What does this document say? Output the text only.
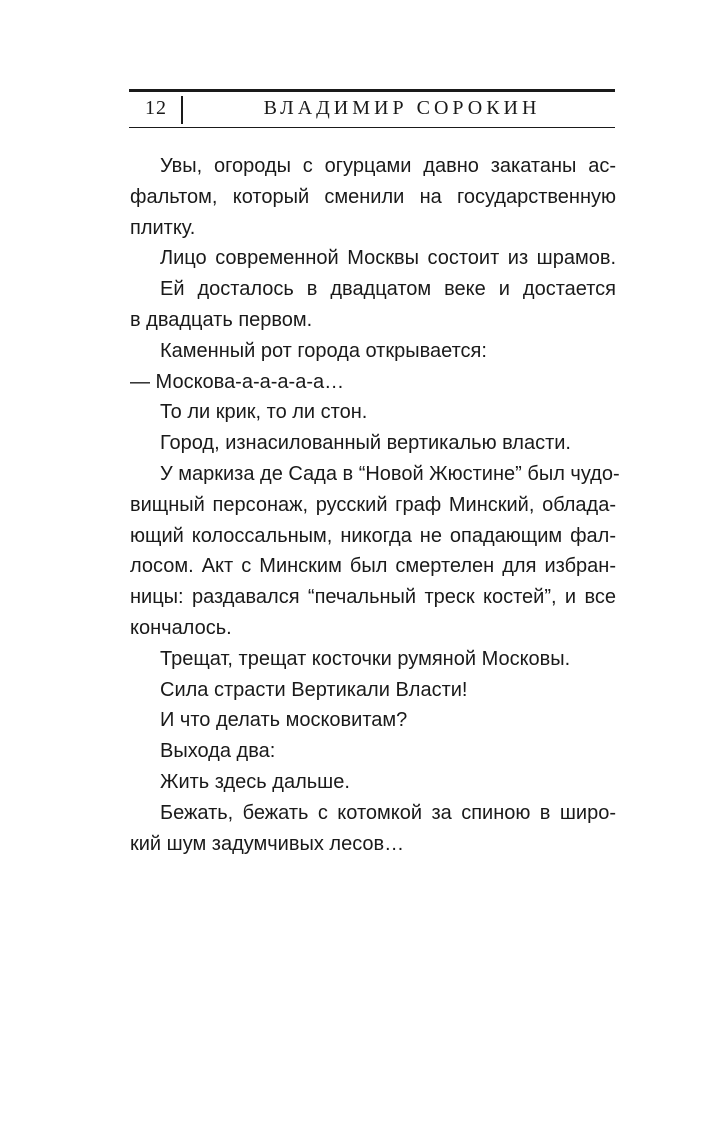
12	ВЛАДИМИР СОРОКИН
Увы, огороды с огурцами давно закатаны ас-
фальтом, который сменили на государственную
плитку.
Лицо современной Москвы состоит из шрамов.
Ей досталось в двадцатом веке и достается
в двадцать первом.
Каменный рот города открывается:
— Москова-а-а-а-а-а…
То ли крик, то ли стон.
Город, изнасилованный вертикалью власти.
У маркиза де Сада в “Новой Жюстине” был чудо-
вищный персонаж, русский граф Минский, облада-
ющий колоссальным, никогда не опадающим фал-
лосом. Акт с Минским был смертелен для избран-
ницы: раздавался “печальный треск костей”, и все
кончалось.
Трещат, трещат косточки румяной Московы.
Сила страсти Вертикали Власти!
И что делать московитам?
Выхода два:
Жить здесь дальше.
Бежать, бежать с котомкой за спиною в широ-
кий шум задумчивых лесов…
